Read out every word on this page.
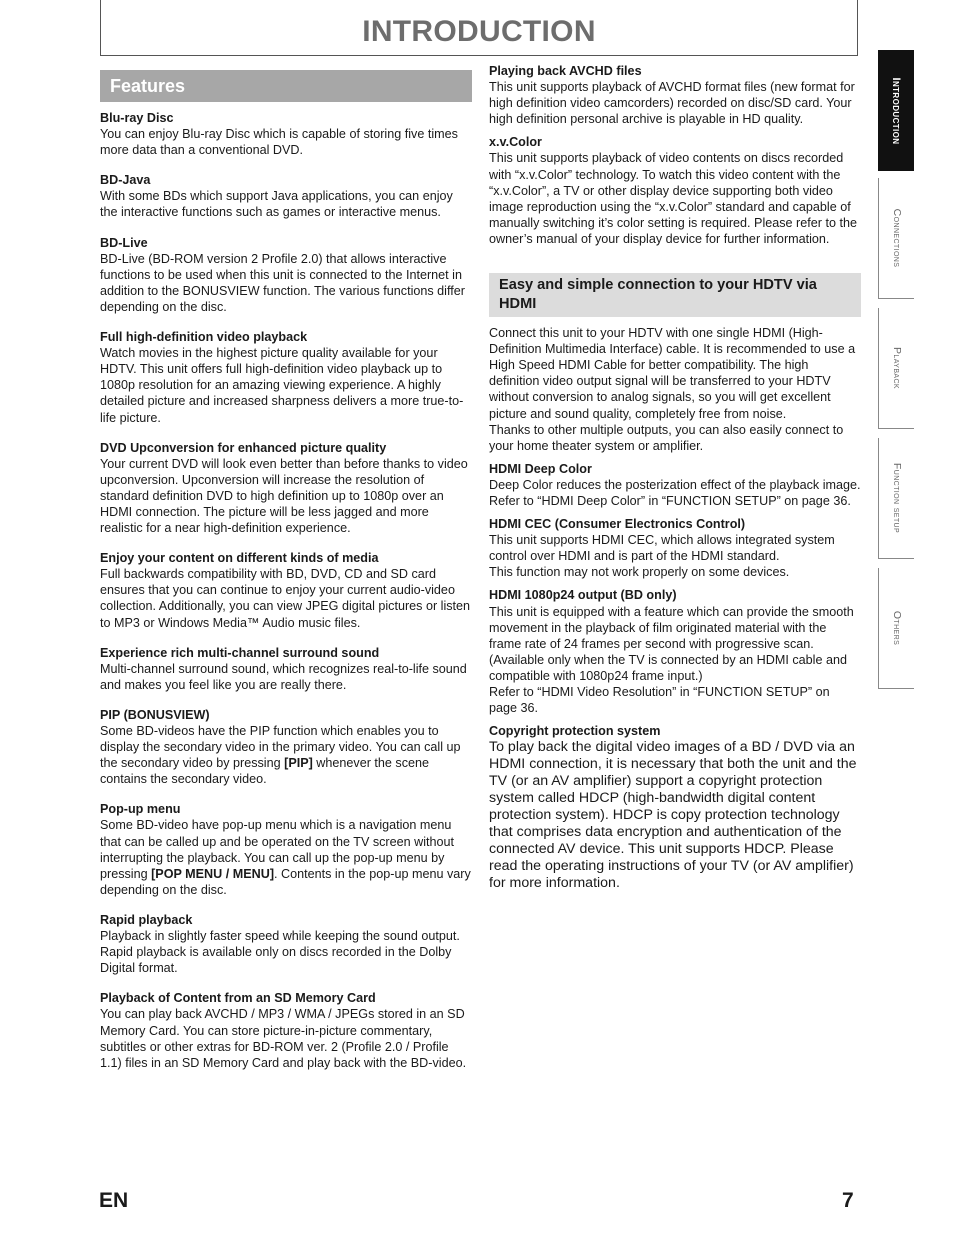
INTRODUCTION
Features
Blu-ray Disc

You can enjoy Blu-ray Disc which is capable of storing five times more data than a conventional DVD.

BD-Java

With some BDs which support Java applications, you can enjoy the interactive functions such as games or interactive menus.

BD-Live

BD-Live (BD-ROM version 2 Profile 2.0) that allows interactive functions to be used when this unit is connected to the Internet in addition to the BONUSVIEW function. The various functions differ depending on the disc.

Full high-definition video playback

Watch movies in the highest picture quality available for your HDTV. This unit offers full high-definition video playback up to 1080p resolution for an amazing viewing experience. A highly detailed picture and increased sharpness delivers a more true-to-life picture.

DVD Upconversion for enhanced picture quality

Your current DVD will look even better than before thanks to video upconversion. Upconversion will increase the resolution of standard definition DVD to high definition up to 1080p over an HDMI connection. The picture will be less jagged and more realistic for a near high-definition experience.

Enjoy your content on different kinds of media

Full backwards compatibility with BD, DVD, CD and SD card ensures that you can continue to enjoy your current audio-video collection. Additionally, you can view JPEG digital pictures or listen to MP3 or Windows Media™ Audio music files.

Experience rich multi-channel surround sound

Multi-channel surround sound, which recognizes real-to-life sound and makes you feel like you are really there.

PIP (BONUSVIEW)

Some BD-videos have the PIP function which enables you to display the secondary video in the primary video. You can call up the secondary video by pressing [PIP] whenever the scene contains the secondary video.

Pop-up menu

Some BD-video have pop-up menu which is a navigation menu that can be called up and be operated on the TV screen without interrupting the playback. You can call up the pop-up menu by pressing [POP MENU / MENU]. Contents in the pop-up menu vary depending on the disc.

Rapid playback

Playback in slightly faster speed while keeping the sound output.

Rapid playback is available only on discs recorded in the Dolby Digital format.

Playback of Content from an SD Memory Card

You can play back AVCHD / MP3 / WMA / JPEGs stored in an SD Memory Card. You can store picture-in-picture commentary, subtitles or other extras for BD-ROM ver. 2 (Profile 2.0 / Profile 1.1) files in an SD Memory Card and play back with the BD-video.

Playing back AVCHD files

This unit supports playback of AVCHD format files (new format for high definition video camcorders) recorded on disc/SD card. Your high definition personal archive is playable in HD quality.

x.v.Color

This unit supports playback of video contents on discs recorded with “x.v.Color” technology. To watch this video content with the “x.v.Color”, a TV or other display device supporting both video image reproduction using the “x.v.Color” standard and capable of manually switching it’s color setting is required. Please refer to the owner’s manual of your display device for further information.

Easy and simple connection to your HDTV via HDMI

Connect this unit to your HDTV with one single HDMI (High-Definition Multimedia Interface) cable. It is recommended to use a High Speed HDMI Cable for better compatibility. The high definition video output signal will be transferred to your HDTV without conversion to analog signals, so you will get excellent picture and sound quality, completely free from noise.

Thanks to other multiple outputs, you can also easily connect to your home theater system or amplifier.

HDMI Deep Color

Deep Color reduces the posterization effect of the playback image. Refer to “HDMI Deep Color” in “FUNCTION SETUP” on page 36.

HDMI CEC (Consumer Electronics Control)

This unit supports HDMI CEC, which allows integrated system control over HDMI and is part of the HDMI standard.

This function may not work properly on some devices.

HDMI 1080p24 output (BD only)

This unit is equipped with a feature which can provide the smooth movement in the playback of film originated material with the frame rate of 24 frames per second with progressive scan. (Available only when the TV is connected by an HDMI cable and compatible with 1080p24 frame input.)

Refer to “HDMI Video Resolution” in “FUNCTION SETUP” on page 36.

Copyright protection system

To play back the digital video images of a BD / DVD via an HDMI connection, it is necessary that both the unit and the TV (or an AV amplifier) support a copyright protection system called HDCP (high-bandwidth digital content protection system). HDCP is copy protection technology that comprises data encryption and authentication of the connected AV device. This unit supports HDCP. Please read the operating instructions of your TV (or AV amplifier) for more information.

Introduction
Connections
Playback
Function setup
Others
EN	7
